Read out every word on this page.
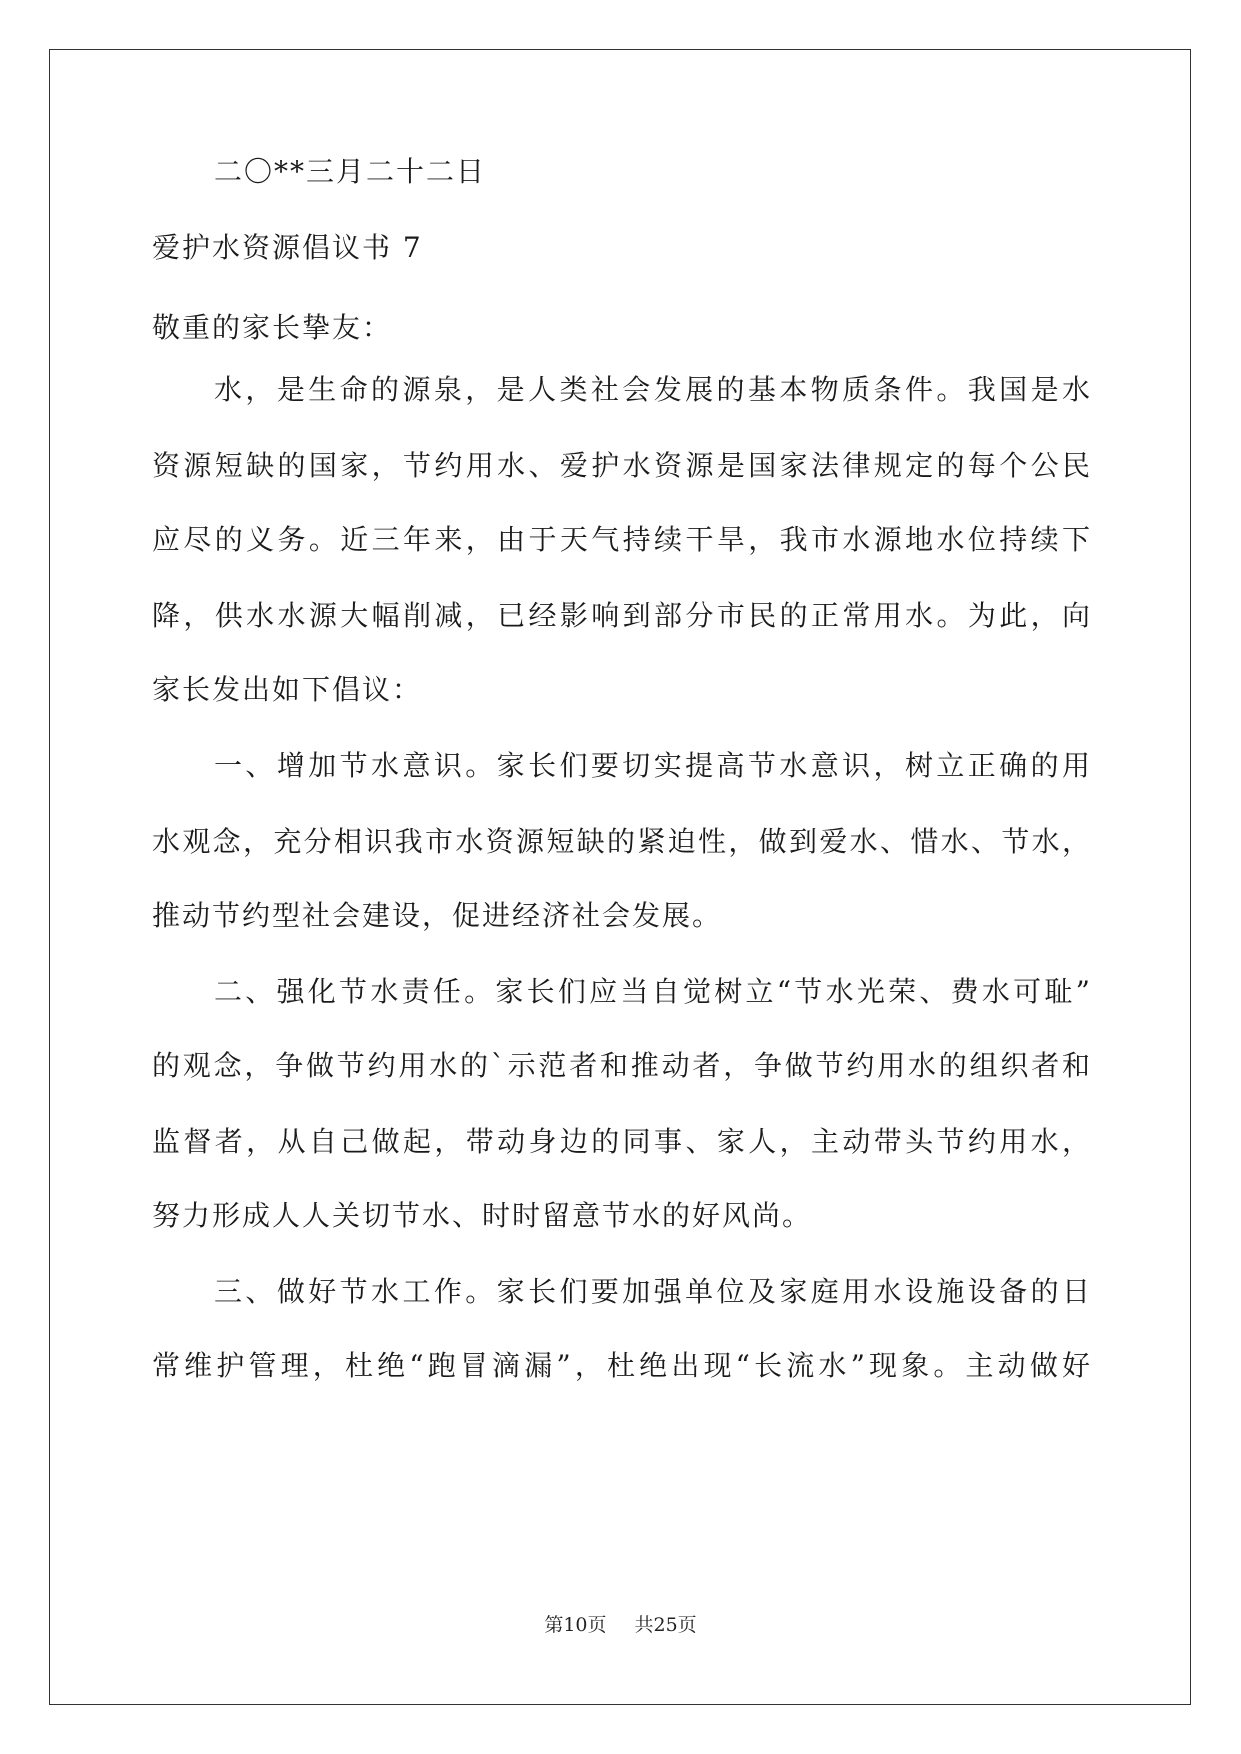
二〇**三月二十二日
爱护水资源倡议书 7
敬重的家长挚友：
水，是生命的源泉，是人类社会发展的基本物质条件。我国是水
资源短缺的国家，节约用水、爱护水资源是国家法律规定的每个公民
应尽的义务。近三年来，由于天气持续干旱，我市水源地水位持续下
降，供水水源大幅削减，已经影响到部分市民的正常用水。为此，向
家长发出如下倡议：
一、增加节水意识。家长们要切实提高节水意识，树立正确的用
水观念，充分相识我市水资源短缺的紧迫性，做到爱水、惜水、节水，
推动节约型社会建设，促进经济社会发展。
二、强化节水责任。家长们应当自觉树立“节水光荣、费水可耻”
的观念，争做节约用水的`示范者和推动者，争做节约用水的组织者和
监督者，从自己做起，带动身边的同事、家人，主动带头节约用水，
努力形成人人关切节水、时时留意节水的好风尚。
三、做好节水工作。家长们要加强单位及家庭用水设施设备的日
常维护管理，杜绝“跑冒滴漏”，杜绝出现“长流水”现象。主动做好
第10页 共25页
